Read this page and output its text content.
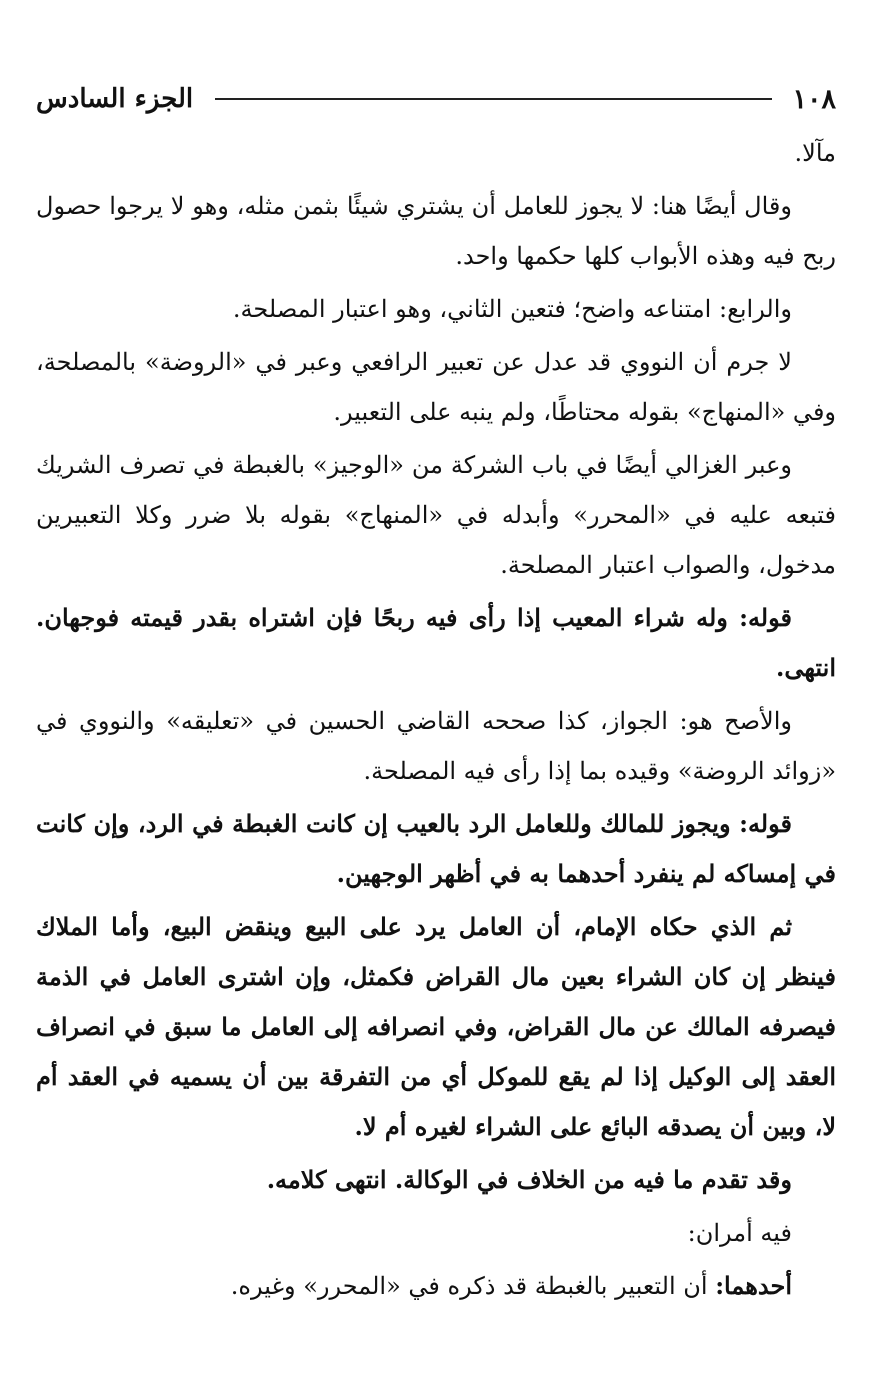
١٠٨
الجزء السادس

مآلا.

وقال أيضًا هنا: لا يجوز للعامل أن يشتري شيئًا بثمن مثله، وهو لا يرجوا حصول ربح فيه وهذه الأبواب كلها حكمها واحد.

والرابع: امتناعه واضح؛ فتعين الثاني، وهو اعتبار المصلحة.

لا جرم أن النووي قد عدل عن تعبير الرافعي وعبر في «الروضة» بالمصلحة، وفي «المنهاج» بقوله محتاطًا، ولم ينبه على التعبير.

وعبر الغزالي أيضًا في باب الشركة من «الوجيز» بالغبطة في تصرف الشريك فتبعه عليه في «المحرر» وأبدله في «المنهاج» بقوله بلا ضرر وكلا التعبيرين مدخول، والصواب اعتبار المصلحة.

قوله: وله شراء المعيب إذا رأى فيه ربحًا فإن اشتراه بقدر قيمته فوجهان. انتهى.

والأصح هو: الجواز، كذا صححه القاضي الحسين في «تعليقه» والنووي في «زوائد الروضة» وقيده بما إذا رأى فيه المصلحة.

قوله: ويجوز للمالك وللعامل الرد بالعيب إن كانت الغبطة في الرد، وإن كانت في إمساكه لم ينفرد أحدهما به في أظهر الوجهين.

ثم الذي حكاه الإمام، أن العامل يرد على البيع وينقض البيع، وأما الملاك فينظر إن كان الشراء بعين مال القراض فكمثل، وإن اشترى العامل في الذمة فيصرفه المالك عن مال القراض، وفي انصرافه إلى العامل ما سبق في انصراف العقد إلى الوكيل إذا لم يقع للموكل أي من التفرقة بين أن يسميه في العقد أم لا، وبين أن يصدقه البائع على الشراء لغيره أم لا.

وقد تقدم ما فيه من الخلاف في الوكالة. انتهى كلامه.

فيه أمران:

أحدهما: أن التعبير بالغبطة قد ذكره في «المحرر» وغيره.
